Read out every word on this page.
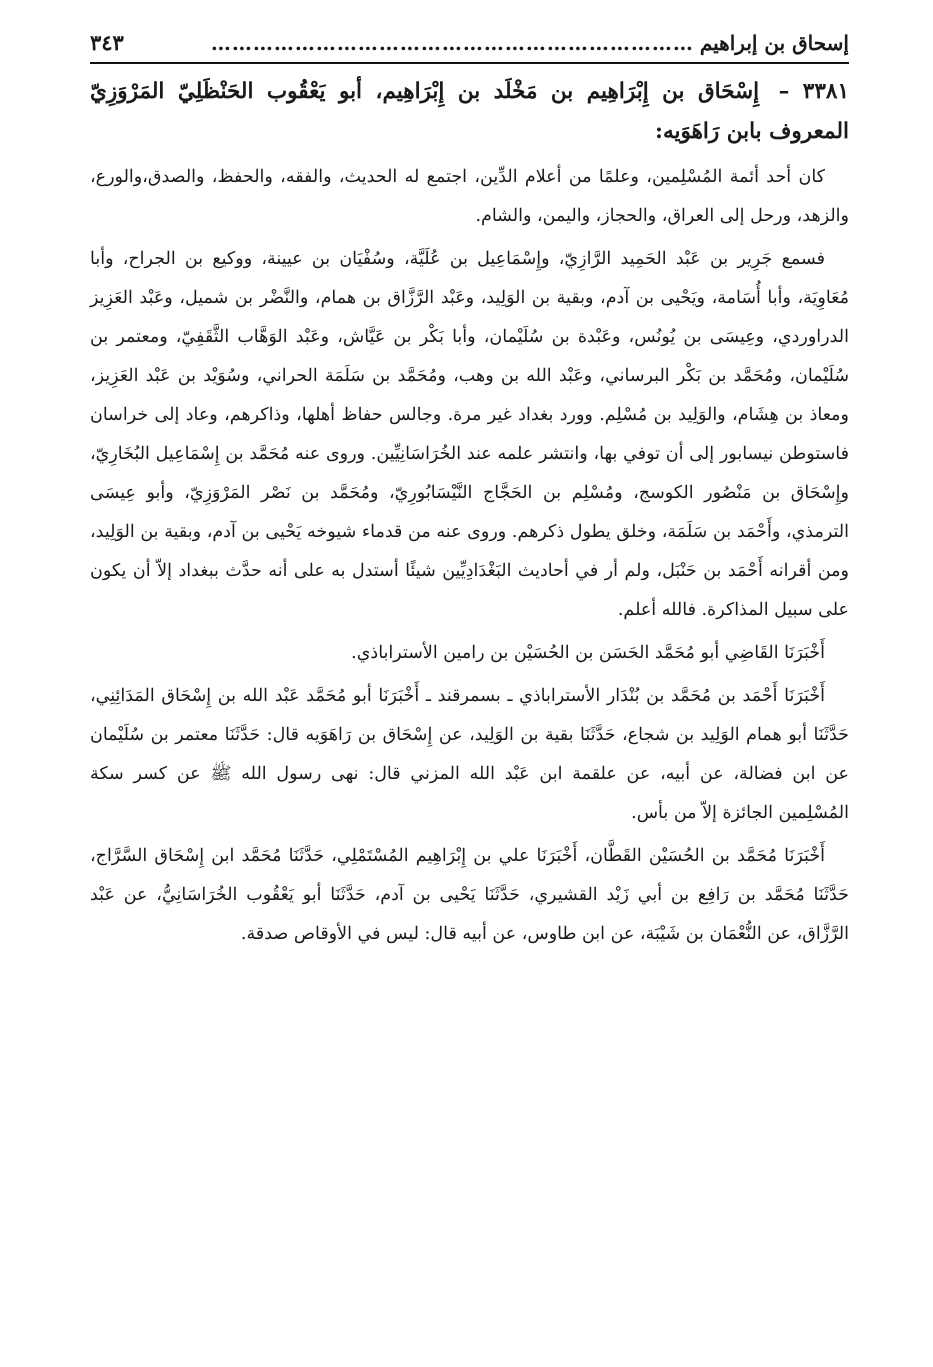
إسحاق بن إبراهيم
……………………………………………………………
٣٤٣
٣٣٨١ – إِسْحَاق بن إِبْرَاهِيم بن مَخْلَد بن إِبْرَاهِيم، أبو يَعْقُوب الحَنْظَلِيّ المَرْوَزِيّ المعروف بابن رَاهَوَيه:

كان أحد أئمة المُسْلِمين، وعلمًا من أعلام الدِّين، اجتمع له الحديث، والفقه، والحفظ، والصدق،والورع، والزهد، ورحل إلى العراق، والحجاز، واليمن، والشام.

فسمع جَرِير بن عَبْد الحَمِيد الرَّازِيّ، وإِسْمَاعِيل بن عُلَيَّة، وسُفْيَان بن عيينة، ووكيع بن الجراح، وأبا مُعَاوِيَة، وأبا أُسَامة، ويَحْيى بن آدم، وبقية بن الوَلِيد، وعَبْد الرَّزَّاق بن همام، والنَّضْر بن شميل، وعَبْد العَزِيز الدراوردي، وعِيسَى بن يُونُس، وعَبْدة بن سُلَيْمان، وأبا بَكْر بن عَيَّاش، وعَبْد الوَهَّاب الثَّقَفِيّ، ومعتمر بن سُلَيْمان، ومُحَمَّد بن بَكْر البرساني، وعَبْد الله بن وهب، ومُحَمَّد بن سَلَمَة الحراني، وسُوَيْد بن عَبْد العَزِيز، ومعاذ بن هِشَام، والوَلِيد بن مُسْلِم. وورد بغداد غير مرة. وجالس حفاظ أهلها، وذاكرهم، وعاد إلى خراسان فاستوطن نيسابور إلى أن توفي بها، وانتشر علمه عند الخُرَاسَانِيِّين. وروى عنه مُحَمَّد بن إِسْمَاعِيل البُخَارِيّ، وإِسْحَاق بن مَنْصُور الكوسج، ومُسْلِم بن الحَجَّاج النَّيْسَابُورِيّ، ومُحَمَّد بن نَصْر المَرْوَزِيّ، وأبو عِيسَى الترمذي، وأَحْمَد بن سَلَمَة، وخلق يطول ذكرهم. وروى عنه من قدماء شيوخه يَحْيى بن آدم، وبقية بن الوَلِيد، ومن أقرانه أَحْمَد بن حَنْبَل، ولم أر في أحاديث البَغْدَادِيِّين شيئًا أستدل به على أنه حدَّث ببغداد إلاّ أن يكون على سبيل المذاكرة. فالله أعلم.

أَخْبَرَنَا القَاضِي أبو مُحَمَّد الحَسَن بن الحُسَيْن بن رامين الأستراباذي.

أَخْبَرَنَا أَحْمَد بن مُحَمَّد بن بُنْدَار الأستراباذي ـ بسمرقند ـ أَخْبَرَنَا أبو مُحَمَّد عَبْد الله بن إِسْحَاق المَدَائِنِي، حَدَّثَنَا أبو همام الوَلِيد بن شجاع، حَدَّثَنَا بقية بن الوَلِيد، عن إِسْحَاق بن رَاهَوَيه قال: حَدَّثَنَا معتمر بن سُلَيْمان عن ابن فضالة، عن أبيه، عن علقمة ابن عَبْد الله المزني قال: نهى رسول الله ﷺ عن كسر سكة المُسْلِمين الجائزة إلاّ من بأس.

أَخْبَرَنَا مُحَمَّد بن الحُسَيْن القَطَّان، أَخْبَرَنَا علي بن إِبْرَاهِيم المُسْتَمْلِي، حَدَّثَنَا مُحَمَّد ابن إِسْحَاق السَّرَّاج، حَدَّثَنَا مُحَمَّد بن رَافِع بن أبي زَيْد القشيري، حَدَّثَنَا يَحْيى بن آدم، حَدَّثَنَا أبو يَعْقُوب الخُرَاسَانِيُّ، عن عَبْد الرَّزَّاق، عن النُّعْمَان بن شَيْبَة، عن ابن طاوس، عن أبيه قال: ليس في الأوقاص صدقة.
